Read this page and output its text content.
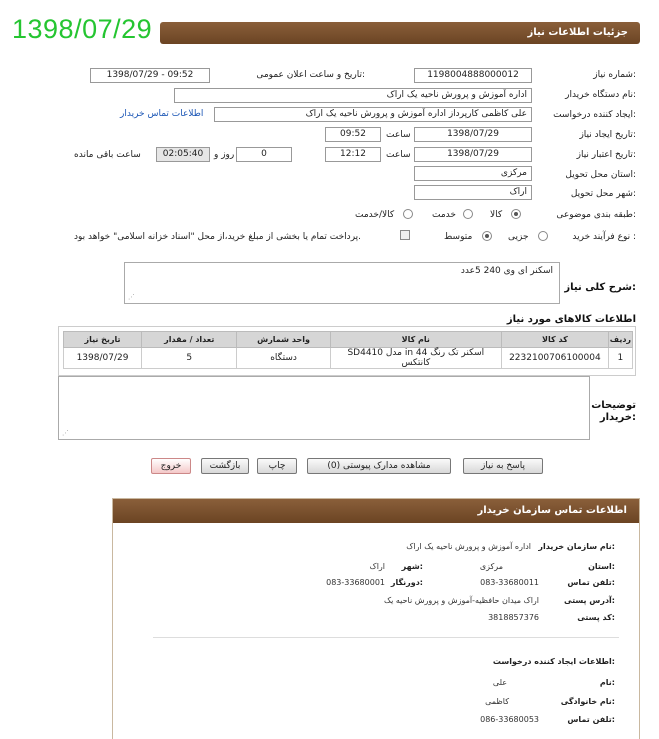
1398/07/29	جزئیات اطلاعات نیاز
شماره نیاز:
1198004888000012
تاریخ و ساعت اعلان عمومی:
1398/07/29 - 09:52
نام دستگاه خریدار:
اداره آموزش و پرورش ناحیه یک اراک
ایجاد کننده درخواست:
علی کاظمی کارپرداز اداره آموزش و پرورش ناحیه یک اراک
اطلاعات تماس خریدار
تاریخ ایجاد نیاز:
1398/07/29
ساعت
09:52
تاریخ اعتبار نیاز:
1398/07/29
ساعت
12:12
0
روز و
02:05:40
ساعت باقی مانده
استان محل تحویل:
مرکزی
شهر محل تحویل:
اراک
طبقه بندی موضوعی:
کالا
خدمت
کالا/خدمت
نوع فرآیند خرید :
جزیی
متوسط
پرداخت تمام یا بخشی از مبلغ خرید،از محل "اسناد خزانه اسلامی" خواهد بود.
شرح کلی نیاز:
اسکنر ای وی 240 5عدد
⋰
اطلاعات کالاهای مورد نیاز
تاریخ نیاز	تعداد / مقدار	واحد شمارش	نام کالا	کد کالا	ردیف
1398/07/29	5	دستگاه	اسکنر تک رنگ 44 in مدل SD4410 کانتکس	2232100706100004	1
توضیحات خریدار:
⋰
پاسخ به نیاز
مشاهده مدارک پیوستی (0)
چاپ
بازگشت
خروج
اطلاعات تماس سازمان خریدار
نام سازمان خریدار:
اداره آموزش و پرورش ناحیه یک اراک
استان:
مرکزی
شهر:
اراک
تلفن تماس:
083-33680011
دورنگار:
083-33680001
آدرس پستی:
اراک میدان حافظیه-آموزش و پرورش ناحیه یک
کد پستی:
3818857376
اطلاعات ایجاد کننده درخواست:
نام:
علی
نام خانوادگی:
کاظمی
تلفن تماس:
086-33680053
